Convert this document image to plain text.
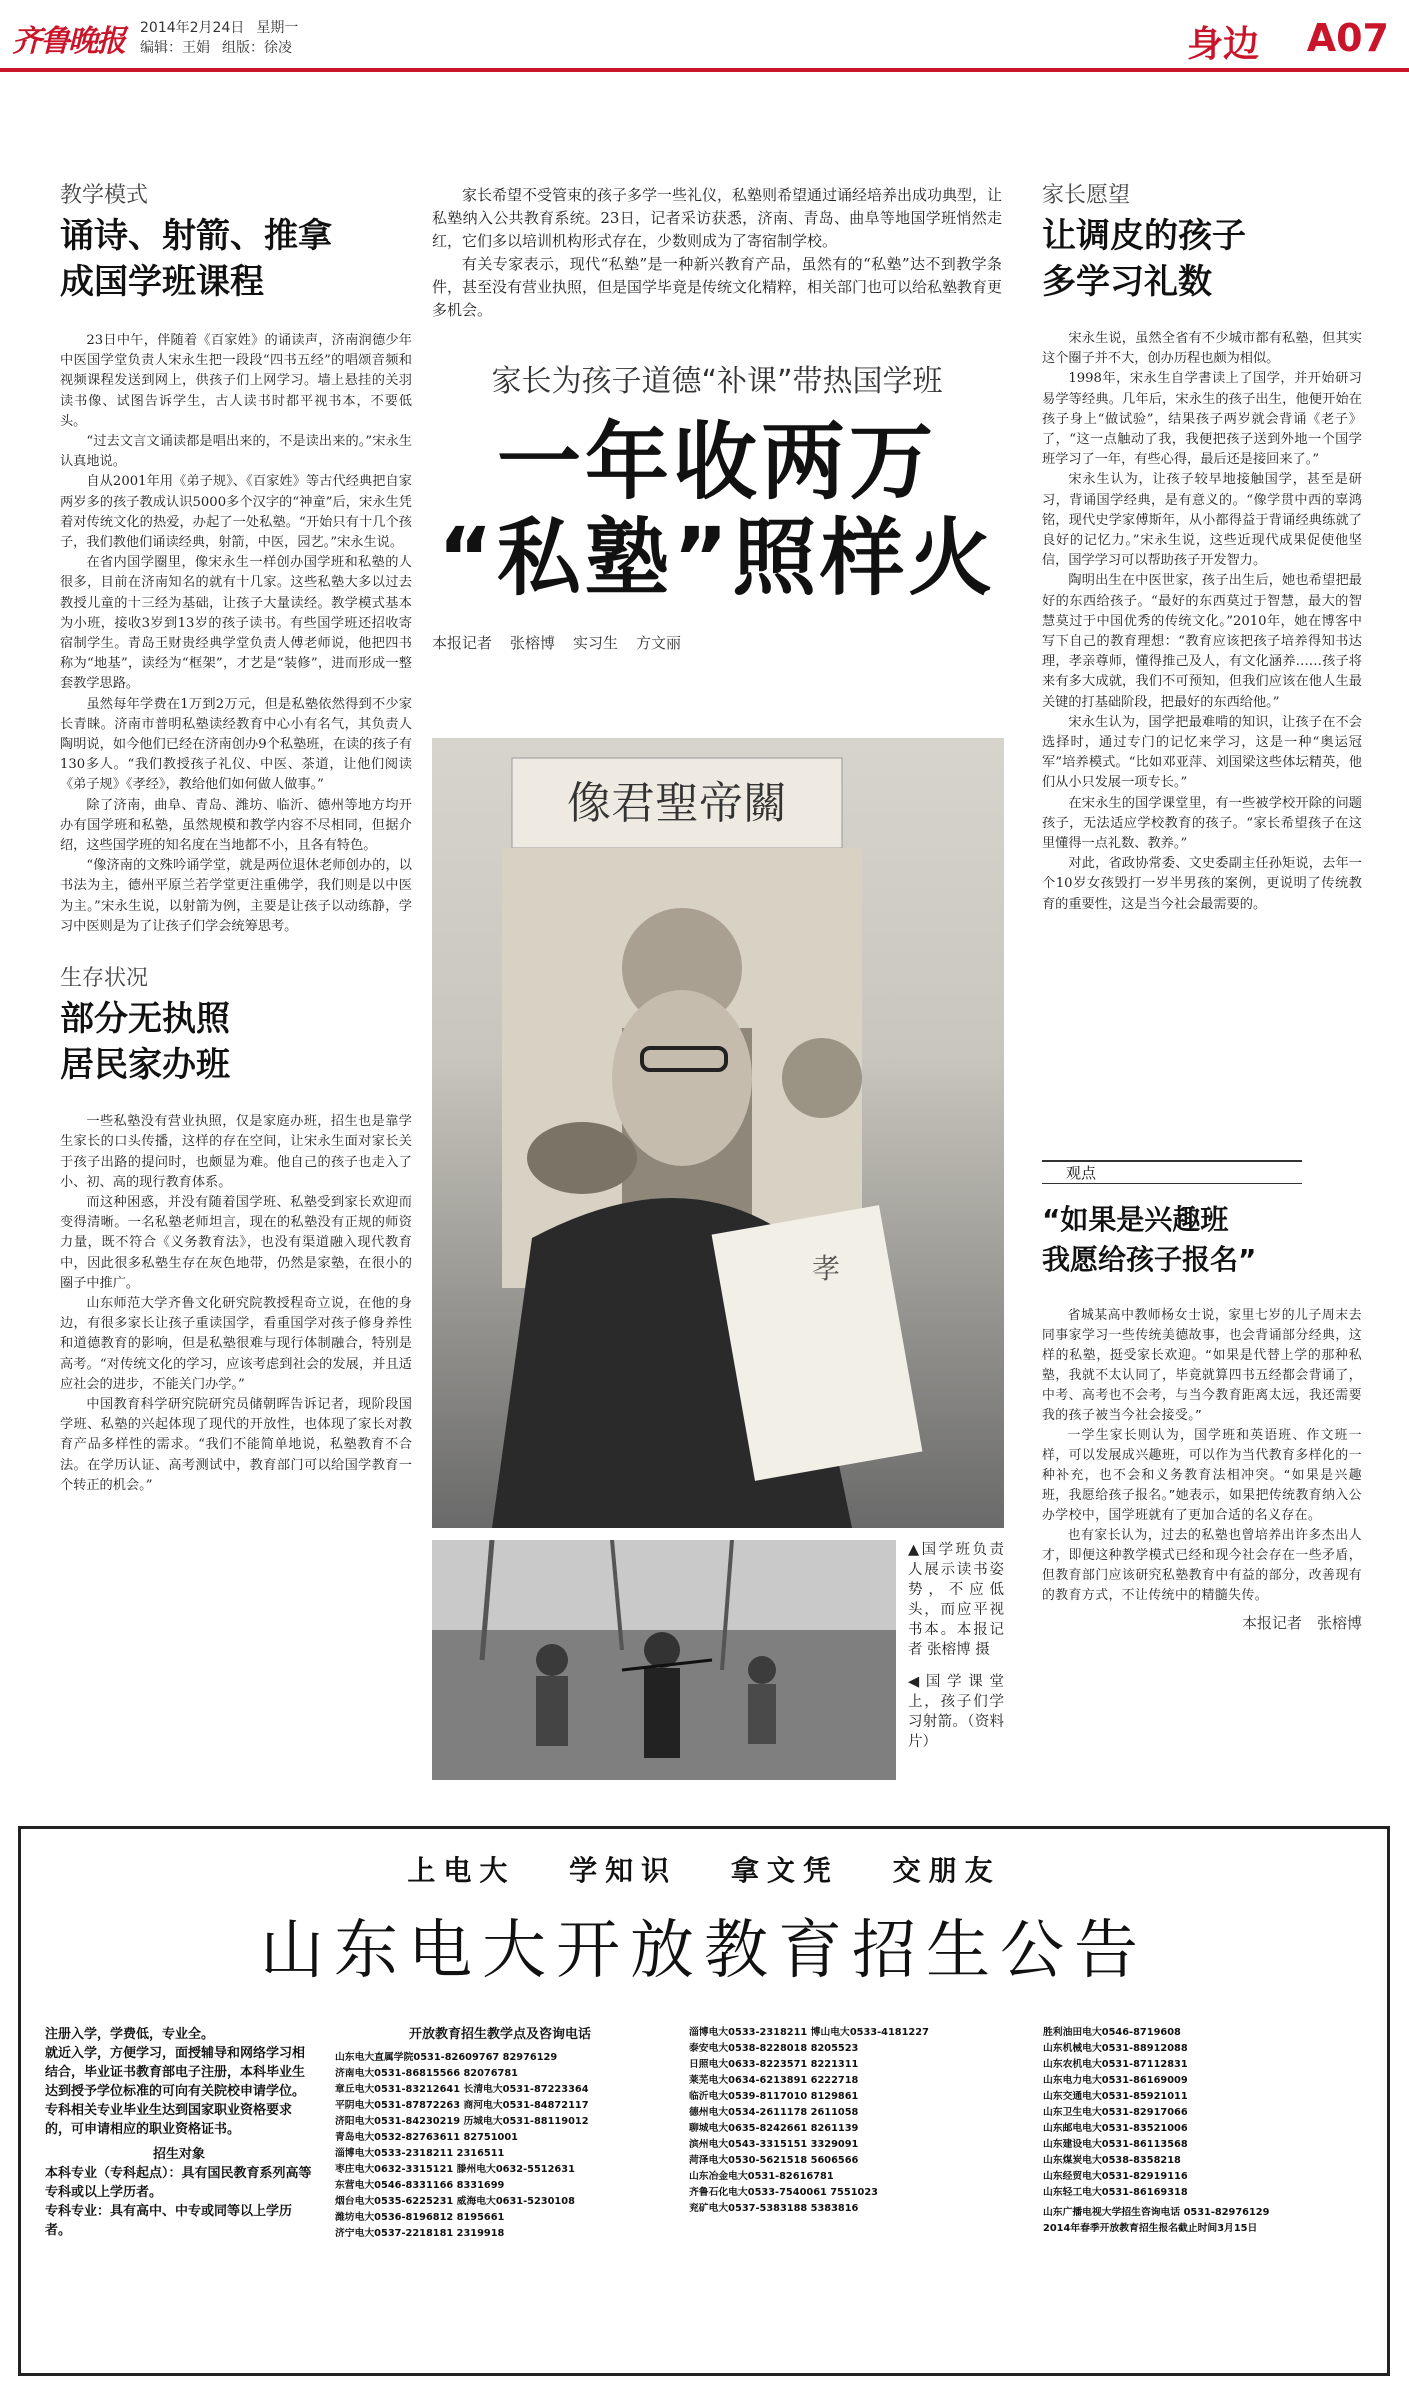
齐鲁晚报 2014年2月24日 星期一
编辑：王娟 组版：徐凌	身边 A07
教学模式
诵诗、射箭、推拿
成国学班课程

23日中午，伴随着《百家姓》的诵读声，济南润德少年中医国学堂负责人宋永生把一段段“四书五经”的唱颂音频和视频课程发送到网上，供孩子们上网学习。墙上悬挂的关羽读书像、试图告诉学生，古人读书时都平视书本，不要低头。

“过去文言文诵读都是唱出来的，不是读出来的。”宋永生认真地说。

自从2001年用《弟子规》、《百家姓》等古代经典把自家两岁多的孩子教成认识5000多个汉字的“神童”后，宋永生凭着对传统文化的热爱，办起了一处私塾。“开始只有十几个孩子，我们教他们诵读经典，射箭，中医，园艺。”宋永生说。

在省内国学圈里，像宋永生一样创办国学班和私塾的人很多，目前在济南知名的就有十几家。这些私塾大多以过去教授儿童的十三经为基础，让孩子大量读经。教学模式基本为小班，接收3岁到13岁的孩子读书。有些国学班还招收寄宿制学生。青岛王财贵经典学堂负责人傅老师说，他把四书称为“地基”，读经为“框架”，才艺是“装修”，进而形成一整套教学思路。

虽然每年学费在1万到2万元，但是私塾依然得到不少家长青睐。济南市普明私塾读经教育中心小有名气，其负责人陶明说，如今他们已经在济南创办9个私塾班，在读的孩子有130多人。“我们教授孩子礼仪、中医、茶道，让他们阅读《弟子规》《孝经》，教给他们如何做人做事。”

除了济南，曲阜、青岛、潍坊、临沂、德州等地方均开办有国学班和私塾，虽然规模和教学内容不尽相同，但据介绍，这些国学班的知名度在当地都不小，且各有特色。

“像济南的文殊吟诵学堂，就是两位退休老师创办的，以书法为主，德州平原兰若学堂更注重佛学，我们则是以中医为主。”宋永生说，以射箭为例，主要是让孩子以动练静，学习中医则是为了让孩子们学会统筹思考。

生存状况
部分无执照
居民家办班

一些私塾没有营业执照，仅是家庭办班，招生也是靠学生家长的口头传播，这样的存在空间，让宋永生面对家长关于孩子出路的提问时，也颇显为难。他自己的孩子也走入了小、初、高的现行教育体系。

而这种困惑，并没有随着国学班、私塾受到家长欢迎而变得清晰。一名私塾老师坦言，现在的私塾没有正规的师资力量，既不符合《义务教育法》，也没有渠道融入现代教育中，因此很多私塾生存在灰色地带，仍然是家塾，在很小的圈子中推广。

山东师范大学齐鲁文化研究院教授程奇立说，在他的身边，有很多家长让孩子重读国学，看重国学对孩子修身养性和道德教育的影响，但是私塾很难与现行体制融合，特别是高考。“对传统文化的学习，应该考虑到社会的发展，并且适应社会的进步，不能关门办学。”

中国教育科学研究院研究员储朝晖告诉记者，现阶段国学班、私塾的兴起体现了现代的开放性，也体现了家长对教育产品多样性的需求。“我们不能简单地说，私塾教育不合法。在学历认证、高考测试中，教育部门可以给国学教育一个转正的机会。”

家长希望不受管束的孩子多学一些礼仪，私塾则希望通过诵经培养出成功典型，让私塾纳入公共教育系统。23日，记者采访获悉，济南、青岛、曲阜等地国学班悄然走红，它们多以培训机构形式存在，少数则成为了寄宿制学校。

有关专家表示，现代“私塾”是一种新兴教育产品，虽然有的“私塾”达不到教学条件，甚至没有营业执照，但是国学毕竟是传统文化精粹，相关部门也可以给私塾教育更多机会。

家长为孩子道德“补课”带热国学班
一年收两万
“私塾”照样火
本报记者 张榕博 实习生 方文丽
像君聖帝關
孝
▲国学班负责人展示读书姿势，不应低头，而应平视书本。本报记者 张榕博 摄
◀国学课堂上，孩子们学习射箭。（资料片）
家长愿望
让调皮的孩子
多学习礼数

宋永生说，虽然全省有不少城市都有私塾，但其实这个圈子并不大，创办历程也颇为相似。

1998年，宋永生自学書读上了国学，并开始研习易学等经典。几年后，宋永生的孩子出生，他便开始在孩子身上“做试验”，结果孩子两岁就会背诵《老子》了，“这一点触动了我，我便把孩子送到外地一个国学班学习了一年，有些心得，最后还是接回来了。”

宋永生认为，让孩子较早地接触国学，甚至是研习，背诵国学经典，是有意义的。“像学贯中西的辜鸿铭，现代史学家傅斯年，从小都得益于背诵经典练就了良好的记忆力。”宋永生说，这些近现代成果促使他坚信，国学学习可以帮助孩子开发智力。

陶明出生在中医世家，孩子出生后，她也希望把最好的东西给孩子。“最好的东西莫过于智慧，最大的智慧莫过于中国优秀的传统文化。”2010年，她在博客中写下自己的教育理想：“教育应该把孩子培养得知书达理，孝亲尊师，懂得推己及人，有文化涵养……孩子将来有多大成就，我们不可预知，但我们应该在他人生最关键的打基础阶段，把最好的东西给他。”

宋永生认为，国学把最难啃的知识，让孩子在不会选择时，通过专门的记忆来学习，这是一种“奥运冠军”培养模式。“比如邓亚萍、刘国梁这些体坛精英，他们从小只发展一项专长。”

在宋永生的国学课堂里，有一些被学校开除的问题孩子，无法适应学校教育的孩子。“家长希望孩子在这里懂得一点礼数、教养。”

对此，省政协常委、文史委副主任孙矩说，去年一个10岁女孩毁打一岁半男孩的案例，更说明了传统教育的重要性，这是当今社会最需要的。

观点
“如果是兴趣班
我愿给孩子报名”

省城某高中教师杨女士说，家里七岁的儿子周末去同事家学习一些传统美德故事，也会背诵部分经典，这样的私塾，挺受家长欢迎。“如果是代替上学的那种私塾，我就不太认同了，毕竟就算四书五经都会背诵了，中考、高考也不会考，与当今教育距离太远，我还需要我的孩子被当今社会接受。”

一学生家长则认为，国学班和英语班、作文班一样，可以发展成兴趣班，可以作为当代教育多样化的一种补充，也不会和义务教育法相冲突。“如果是兴趣班，我愿给孩子报名。”她表示，如果把传统教育纳入公办学校中，国学班就有了更加合适的名义存在。

也有家长认为，过去的私塾也曾培养出许多杰出人才，即便这种教学模式已经和现今社会存在一些矛盾，但教育部门应该研究私塾教育中有益的部分，改善现有的教育方式，不让传统中的精髓失传。

本报记者　张榕博
上电大　 学知识　 拿文凭　 交朋友
山东电大开放教育招生公告
注册入学，学费低，专业全。
就近入学，方便学习，面授辅导和网络学习相结合，毕业证书教育部电子注册，本科毕业生达到授予学位标准的可向有关院校申请学位。专科相关专业毕业生达到国家职业资格要求的，可申请相应的职业资格证书。
招生对象
本科专业（专科起点）：具有国民教育系列高等专科或以上学历者。
专科专业：具有高中、中专或同等以上学历者。
开放教育招生教学点及咨询电话
山东电大直属学院0531-82609767 82976129
济南电大0531-86815566 82076781
章丘电大0531-83212641 长清电大0531-87223364
平阴电大0531-87872263 商河电大0531-84872117
济阳电大0531-84230219 历城电大0531-88119012
青岛电大0532-82763611 82751001
淄博电大0533-2318211 2316511
枣庄电大0632-3315121 滕州电大0632-5512631
东营电大0546-8331166 8331699
烟台电大0535-6225231 威海电大0631-5230108
潍坊电大0536-8196812 8195661
济宁电大0537-2218181 2319918
淄博电大0533-2318211 博山电大0533-4181227
泰安电大0538-8228018 8205523
日照电大0633-8223571 8221311
莱芜电大0634-6213891 6222718
临沂电大0539-8117010 8129861
德州电大0534-2611178 2611058
聊城电大0635-8242661 8261139
滨州电大0543-3315151 3329091
菏泽电大0530-5621518 5606566
山东冶金电大0531-82616781
齐鲁石化电大0533-7540061 7551023
兖矿电大0537-5383188 5383816
胜利油田电大0546-8719608
山东机械电大0531-88912088
山东农机电大0531-87112831
山东电力电大0531-86169009
山东交通电大0531-85921011
山东卫生电大0531-82917066
山东邮电电大0531-83521006
山东建设电大0531-86113568
山东煤炭电大0538-8358218
山东经贸电大0531-82919116
山东轻工电大0531-86169318
山东广播电视大学招生咨询电话 0531-82976129
2014年春季开放教育招生报名截止时间3月15日
